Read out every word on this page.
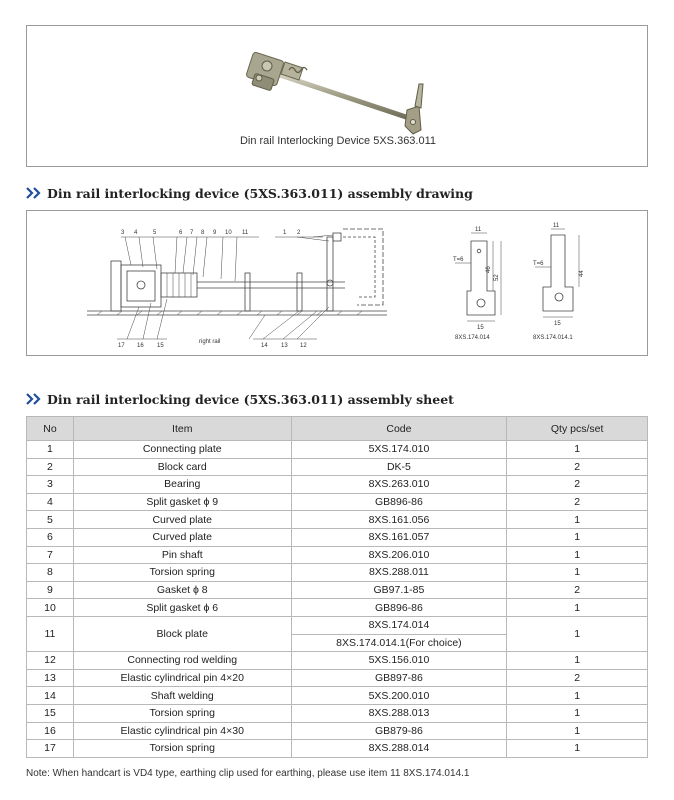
Din rail Interlocking Device 5XS.363.011
Din rail interlocking device (5XS.363.011) assembly drawing
3 4	5	6 7 8 9 10 11	1 2
17 16 15	14 13 12
right rail
11
T=6
46
52
15
8XS.174.014
11
T=6
44
15
8XS.174.014.1
Din rail interlocking device (5XS.363.011) assembly sheet
No	Item	Code	Qty pcs/set
1	Connecting plate	5XS.174.010	1
2	Block card	DK-5	2
3	Bearing	8XS.263.010	2
4	Split gasket ϕ 9	GB896-86	2
5	Curved plate	8XS.161.056	1
6	Curved plate	8XS.161.057	1
7	Pin shaft	8XS.206.010	1
8	Torsion spring	8XS.288.011	1
9	Gasket ϕ 8	GB97.1-85	2
10	Split gasket ϕ 6	GB896-86	1
11	Block plate	8XS.174.014	1
		8XS.174.014.1(For choice)	
12	Connecting rod welding	5XS.156.010	1
13	Elastic cylindrical pin 4×20	GB897-86	2
14	Shaft welding	5XS.200.010	1
15	Torsion spring	8XS.288.013	1
16	Elastic cylindrical pin 4×30	GB879-86	1
17	Torsion spring	8XS.288.014	1
Note: When handcart is VD4 type, earthing clip used for earthing, please use item 11 8XS.174.014.1
